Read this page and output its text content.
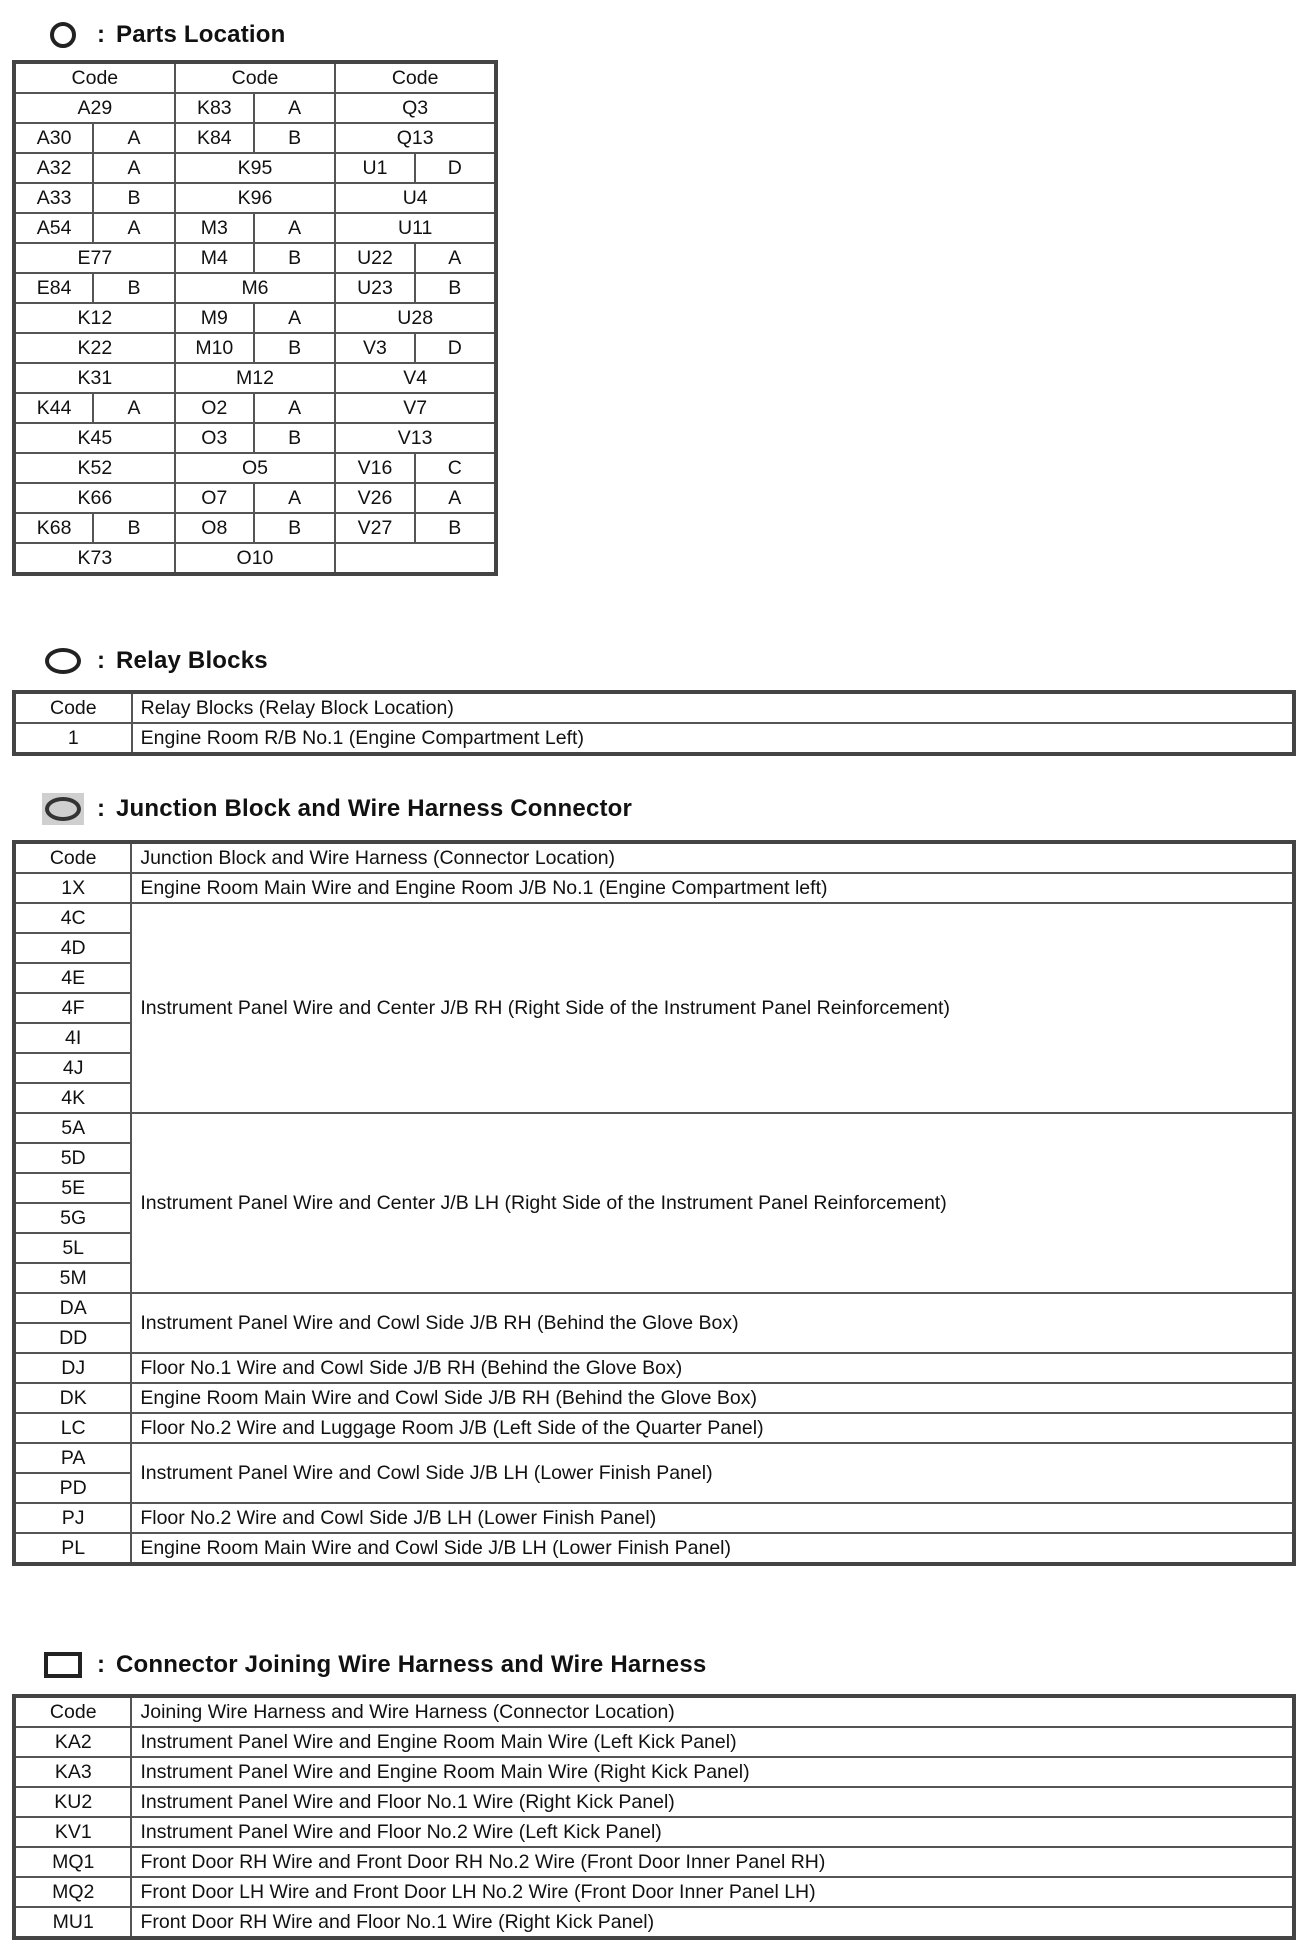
: Parts Location
Code		Code		Code	
A29		K83	A	Q3	
A30	A	K84	B	Q13	
A32	A	K95		U1	D
A33	B	K96		U4	
A54	A	M3	A	U11	
E77		M4	B	U22	A
E84	B	M6		U23	B
K12		M9	A	U28	
K22		M10	B	V3	D
K31		M12		V4	
K44	A	O2	A	V7	
K45		O3	B	V13	
K52		O5		V16	C
K66		O7	A	V26	A
K68	B	O8	B	V27	B
K73		O10			
: Relay Blocks
Code	Relay Blocks (Relay Block Location)
1	Engine Room R/B No.1 (Engine Compartment Left)
: Junction Block and Wire Harness Connector
Code	Junction Block and Wire Harness (Connector Location)
1X	Engine Room Main Wire and Engine Room J/B No.1 (Engine Compartment left)
4C	Instrument Panel Wire and Center J/B RH (Right Side of the Instrument Panel Reinforcement)
4D	
4E	
4F	
4I	
4J	
4K	
5A	Instrument Panel Wire and Center J/B LH (Right Side of the Instrument Panel Reinforcement)
5D	
5E	
5G	
5L	
5M	
DA	Instrument Panel Wire and Cowl Side J/B RH (Behind the Glove Box)
DD	
DJ	Floor No.1 Wire and Cowl Side J/B RH (Behind the Glove Box)
DK	Engine Room Main Wire and Cowl Side J/B RH (Behind the Glove Box)
LC	Floor No.2 Wire and Luggage Room J/B (Left Side of the Quarter Panel)
PA	Instrument Panel Wire and Cowl Side J/B LH (Lower Finish Panel)
PD	
PJ	Floor No.2 Wire and Cowl Side J/B LH (Lower Finish Panel)
PL	Engine Room Main Wire and Cowl Side J/B LH (Lower Finish Panel)
: Connector Joining Wire Harness and Wire Harness
Code	Joining Wire Harness and Wire Harness (Connector Location)
KA2	Instrument Panel Wire and Engine Room Main Wire (Left Kick Panel)
KA3	Instrument Panel Wire and Engine Room Main Wire (Right Kick Panel)
KU2	Instrument Panel Wire and Floor No.1 Wire (Right Kick Panel)
KV1	Instrument Panel Wire and Floor No.2 Wire (Left Kick Panel)
MQ1	Front Door RH Wire and Front Door RH No.2 Wire (Front Door Inner Panel RH)
MQ2	Front Door LH Wire and Front Door LH No.2 Wire (Front Door Inner Panel LH)
MU1	Front Door RH Wire and Floor No.1 Wire (Right Kick Panel)
